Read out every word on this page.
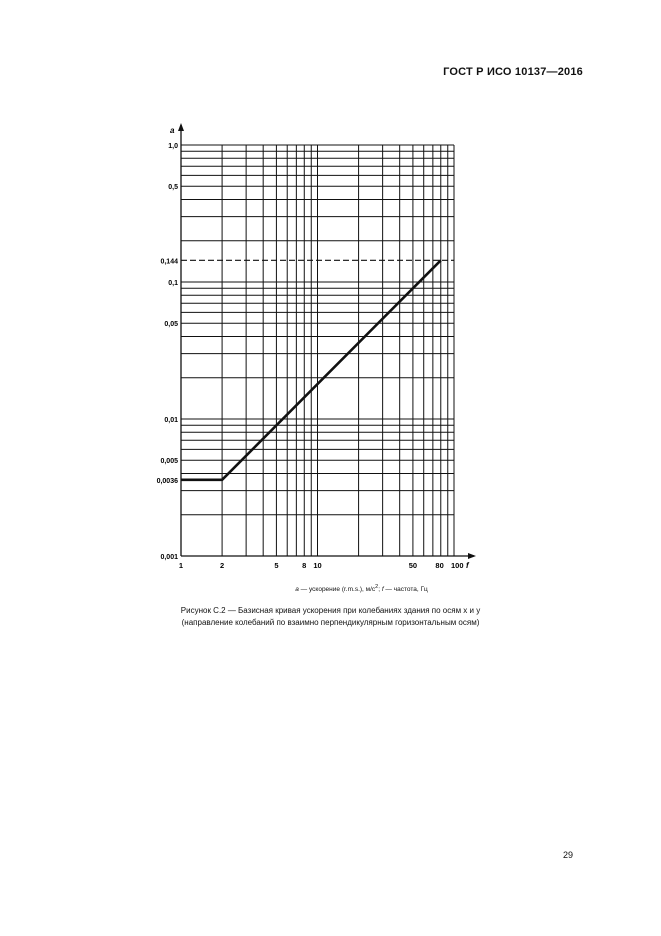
ГОСТ Р ИСО 10137—2016
a
f
1	2	5	8 10	50 80 100
1,0
0,5
0,144
0,1
0,05
0,01
0,005
0,0036
0,001
a — ускорение (r.m.s.), $м/с^2$; f — частота, Гц
Рисунок С.2 — Базисная кривая ускорения при колебаниях здания по осям x и y
(направление колебаний по взаимно перпендикулярным горизонтальным осям)
29
